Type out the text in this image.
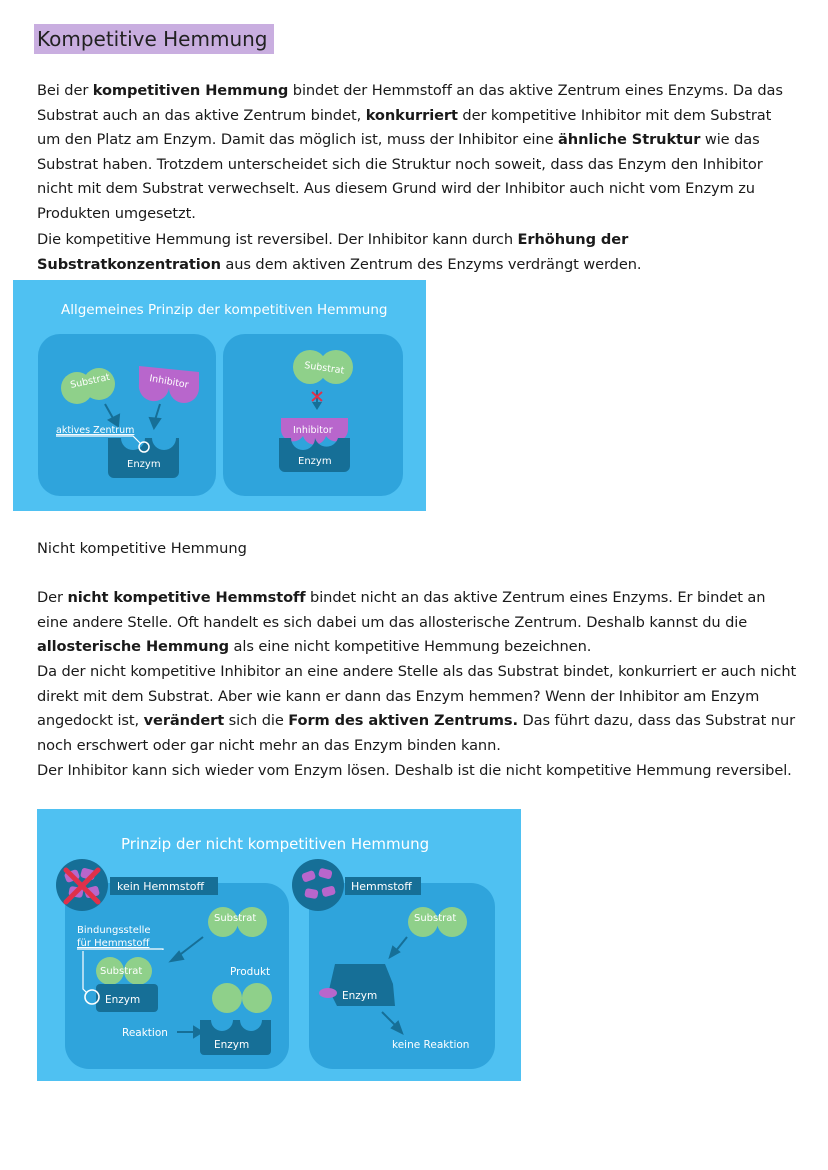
Kompetitive Hemmung

Bei der kompetitiven Hemmung bindet der Hemmstoff an das aktive Zentrum eines Enzyms. Da das Substrat auch an das aktive Zentrum bindet, konkurriert der kompetitive Inhibitor mit dem Substrat um den Platz am Enzym. Damit das möglich ist, muss der Inhibitor eine ähnliche Struktur wie das Substrat haben. Trotzdem unterscheidet sich die Struktur noch soweit, dass das Enzym den Inhibitor nicht mit dem Substrat verwechselt. Aus diesem Grund wird der Inhibitor auch nicht vom Enzym zu Produkten umgesetzt.

Die kompetitive Hemmung ist reversibel. Der Inhibitor kann durch Erhöhung der Substratkonzentration aus dem aktiven Zentrum des Enzyms verdrängt werden.

Allgemeines Prinzip der kompetitiven Hemmung
Substrat	Inhibitor
Enzym
aktives Zentrum
Substrat
Inhibitor
Enzym
Nicht kompetitive Hemmung

Der nicht kompetitive Hemmstoff bindet nicht an das aktive Zentrum eines Enzyms. Er bindet an eine andere Stelle. Oft handelt es sich dabei um das allosterische Zentrum. Deshalb kannst du die allosterische Hemmung als eine nicht kompetitive Hemmung bezeichnen.

Da der nicht kompetitive Inhibitor an eine andere Stelle als das Substrat bindet, konkurriert er auch nicht direkt mit dem Substrat. Aber wie kann er dann das Enzym hemmen? Wenn der Inhibitor am Enzym angedockt ist, verändert sich die Form des aktiven Zentrums. Das führt dazu, dass das Substrat nur noch erschwert oder gar nicht mehr an das Enzym binden kann.

Der Inhibitor kann sich wieder vom Enzym lösen. Deshalb ist die nicht kompetitive Hemmung reversibel.

Prinzip der nicht kompetitiven Hemmung
kein Hemmstoff	Hemmstoff
Substrat
Bindungsstelle
für Hemmstoff
Substrat
Enzym
Produkt
Reaktion
Enzym
Substrat
Enzym
keine Reaktion
